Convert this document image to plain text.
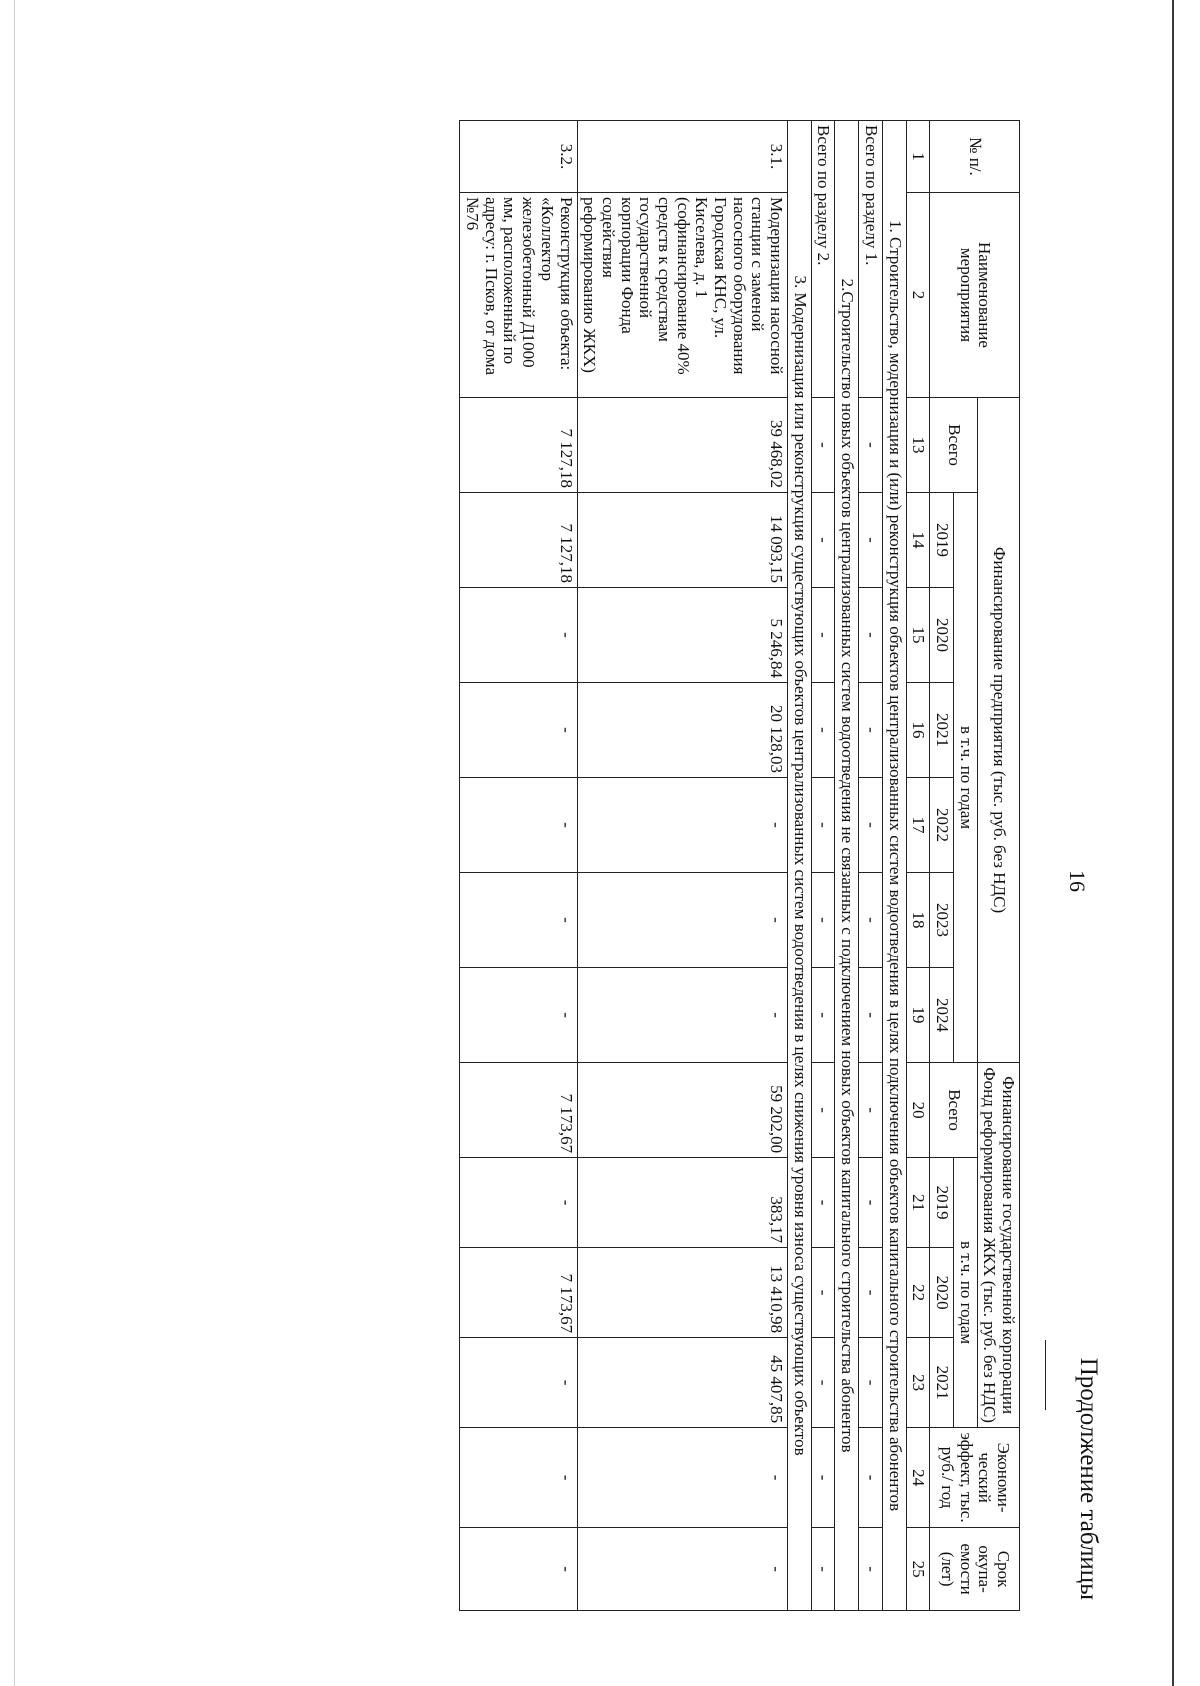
16
Продолжение таблицы
№ п/.	Наименование мероприятия	Финансирование предприятия (тыс. руб. без НДС)							Финансирование государственной корпорации Фонд реформирования ЖКХ (тыс. руб. без НДС)				Экономи- ческий эффект, тыс. руб./ год	Срок окупа- емости (лет)
		Всего	в т.ч. по годам						Всего	в т.ч. по годам				
			2019	2020	2021	2022	2023	2024		2019	2020	2021		
1	2	13	14	15	16	17	18	19	20	21	22	23	24	25
1. Строительство, модернизация и (или) реконструкция объектов централизованных систем водоотведения в целях подключения объектов капитального строительства абонентов														
Всего по разделу 1.		-	-	-	-	-	-	-	-	-	-	-	-	-
2.Строительство новых объектов централизованных систем водоотведения не связанных с подключением новых объектов капитального строительства абонентов														
Всего по разделу 2.		-	-	-	-	-	-	-	-	-	-	-	-	-
3. Модернизация или реконструкция существующих объектов централизованных систем водоотведения в целях снижения уровня износа существующих объектов														
3.1.	Модернизация насосной станции с заменой насосного оборудования Городская КНС, ул. Киселева, д. 1 (софинансирование 40% средств к средствам государственной корпорации Фонда содействия реформированию ЖКХ)	39 468,02	14 093,15	5 246,84	20 128,03	-	-	-	59 202,00	383,17	13 410,98	45 407,85	-	-
3.2.	Реконструкция объекта: «Коллектор железобетонный Д1000 мм, расположенный по адресу: г. Псков, от дома №76	7 127,18	7 127,18	-	-	-	-	-	7 173,67	-	7 173,67	-	-	-
